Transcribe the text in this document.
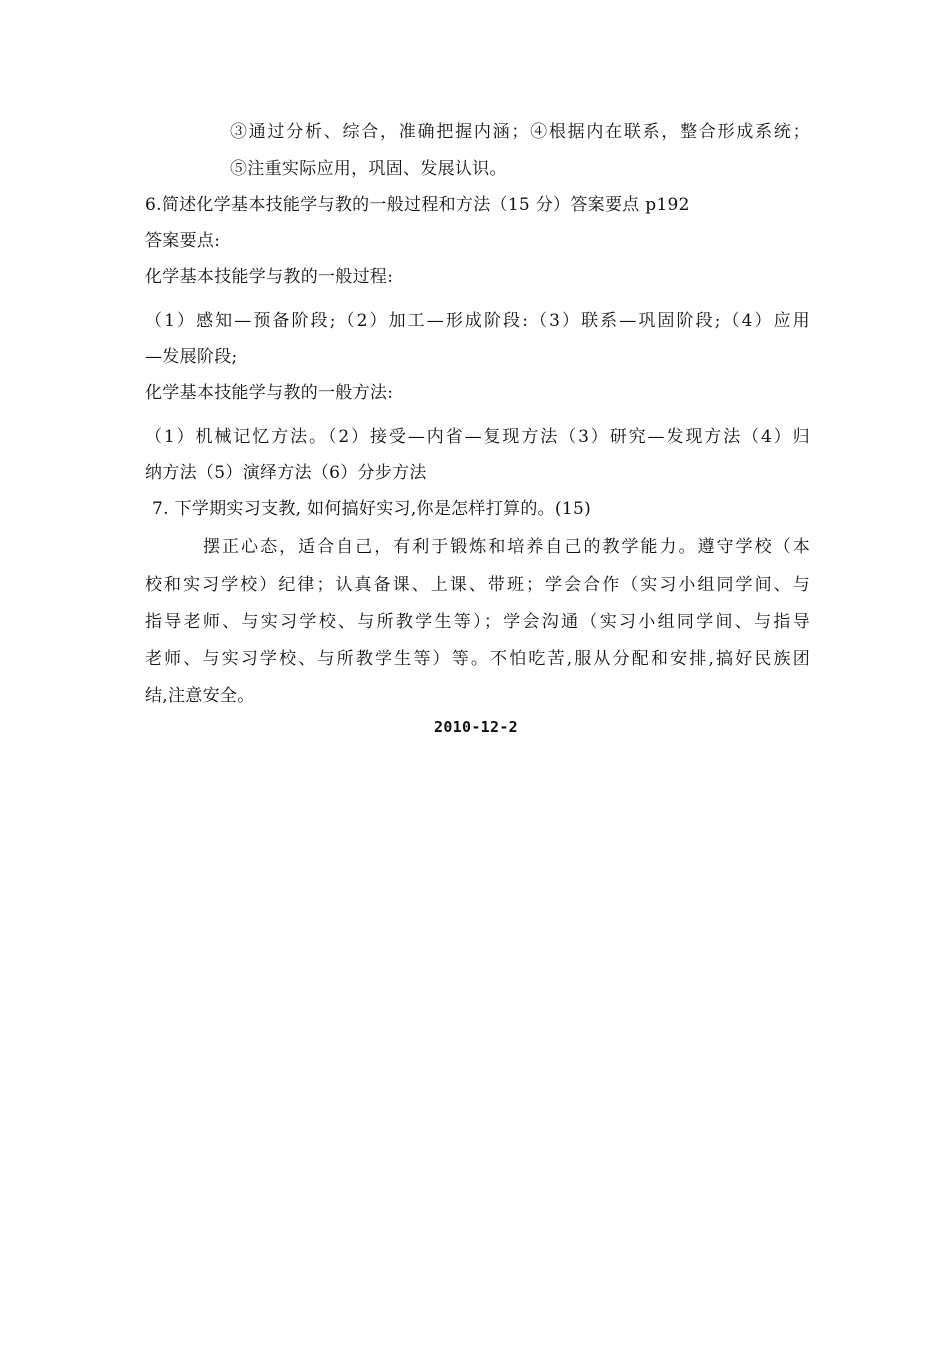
③通过分析、综合，准确把握内涵；④根据内在联系，整合形成系统；
⑤注重实际应用，巩固、发展认识。
6.简述化学基本技能学与教的一般过程和方法（15 分）答案要点 p192
答案要点:
化学基本技能学与教的一般过程:
（1）感知—预备阶段;（2）加工—形成阶段:（3）联系—巩固阶段;（4）应用
—发展阶段;
化学基本技能学与教的一般方法:
（1）机械记忆方法。（2）接受—内省—复现方法（3）研究—发现方法（4）归
纳方法（5）演绎方法（6）分步方法
7. 下学期实习支教, 如何搞好实习,你是怎样打算的。(15)
摆正心态，适合自己，有利于锻炼和培养自己的教学能力。遵守学校（本
校和实习学校）纪律；认真备课、上课、带班；学会合作（实习小组同学间、与
指导老师、与实习学校、与所教学生等）；学会沟通（实习小组同学间、与指导
老师、与实习学校、与所教学生等）等。不怕吃苦,服从分配和安排,搞好民族团
结,注意安全。
2010-12-2
